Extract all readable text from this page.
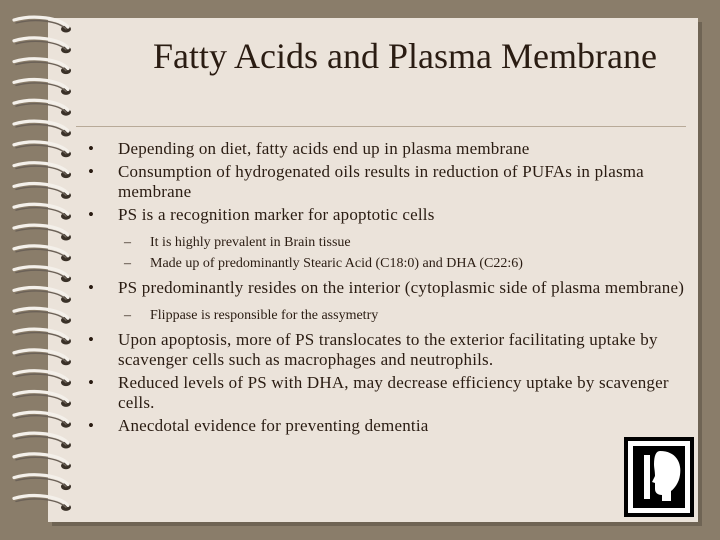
Fatty Acids and Plasma Membrane
•	Depending on diet, fatty acids end up in plasma membrane
•	Consumption of hydrogenated oils results in reduction of PUFAs in plasma membrane
•	PS is a recognition marker for apoptotic cells
– It is highly prevalent in Brain tissue
– Made up of predominantly Stearic Acid (C18:0) and DHA (C22:6)
•	PS predominantly resides on the interior (cytoplasmic side of plasma membrane)
– Flippase is responsible for the assymetry
•	Upon apoptosis, more of PS translocates to the exterior facilitating uptake by scavenger cells such as macrophages and neutrophils.
•	Reduced levels of PS with DHA, may decrease efficiency uptake by scavenger cells.
•	Anecdotal evidence for preventing dementia
